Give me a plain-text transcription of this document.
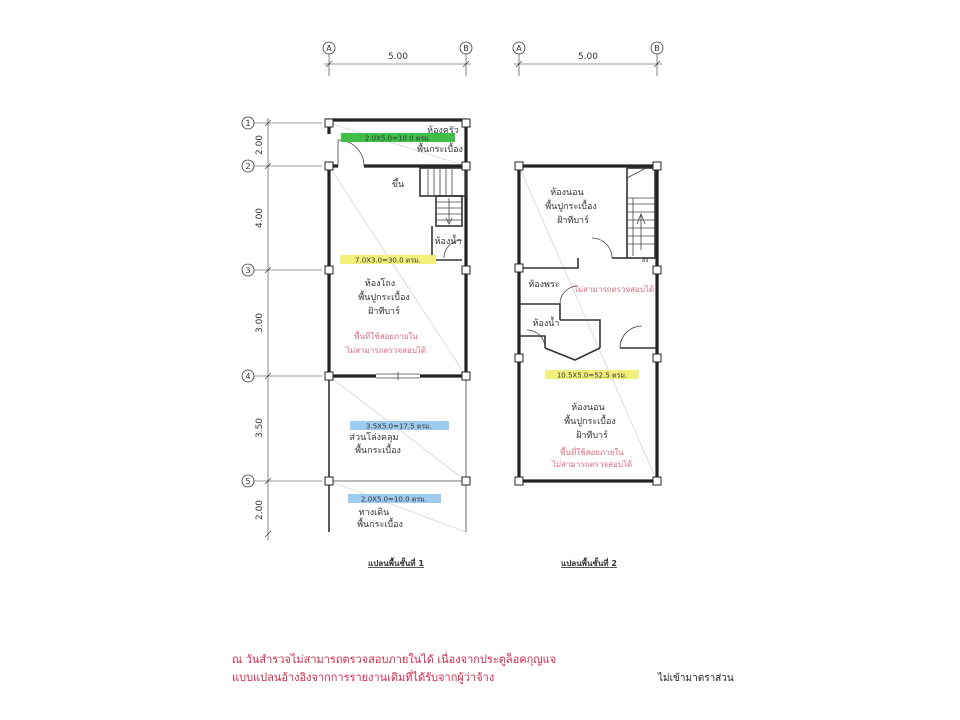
A	B
5.00
1
2
3
4
5
2.00
4.00
3.00
3.50
2.00
2.0X5.0=10.0 ตรม.
ห้องครัว
พื้นกระเบื้อง
ขึ้น
ห้องน้ำ
7.0X3.0=30.0 ตรม.
ห้องโถง
พื้นปูกระเบื้อง
ฝ้าทีบาร์
พื้นที่ใช้สอยภายใน
ไม่สามารถตรวจสอบได้
3.5X5.0=17.5 ตรม.
ส่วนโล่งคลุม
พื้นกระเบื้อง
2.0X5.0=10.0 ตรม.
ทางเดิน
พื้นกระเบื้อง
แปลนพื้นชั้นที่ 1
A	B
5.00
ลง
ห้องนอน
พื้นปูกระเบื้อง
ฝ้าทีบาร์
ห้องพระ ไม่สามารถตรวจสอบได้
ห้องน้ำ
10.5X5.0=52.5 ตรม.
ห้องนอน
พื้นปูกระเบื้อง
ฝ้าทีบาร์
พื้นที่ใช้สอยภายใน
ไม่สามารถตรวจสอบได้
แปลนพื้นชั้นที่ 2
ณ วันสำรวจไม่สามารถตรวจสอบภายในได้ เนื่องจากประตูล็อคกุญแจ
แบบแปลนอ้างอิงจากการรายงานเดิมที่ได้รับจากผู้ว่าจ้าง	ไม่เข้ามาตราส่วน
